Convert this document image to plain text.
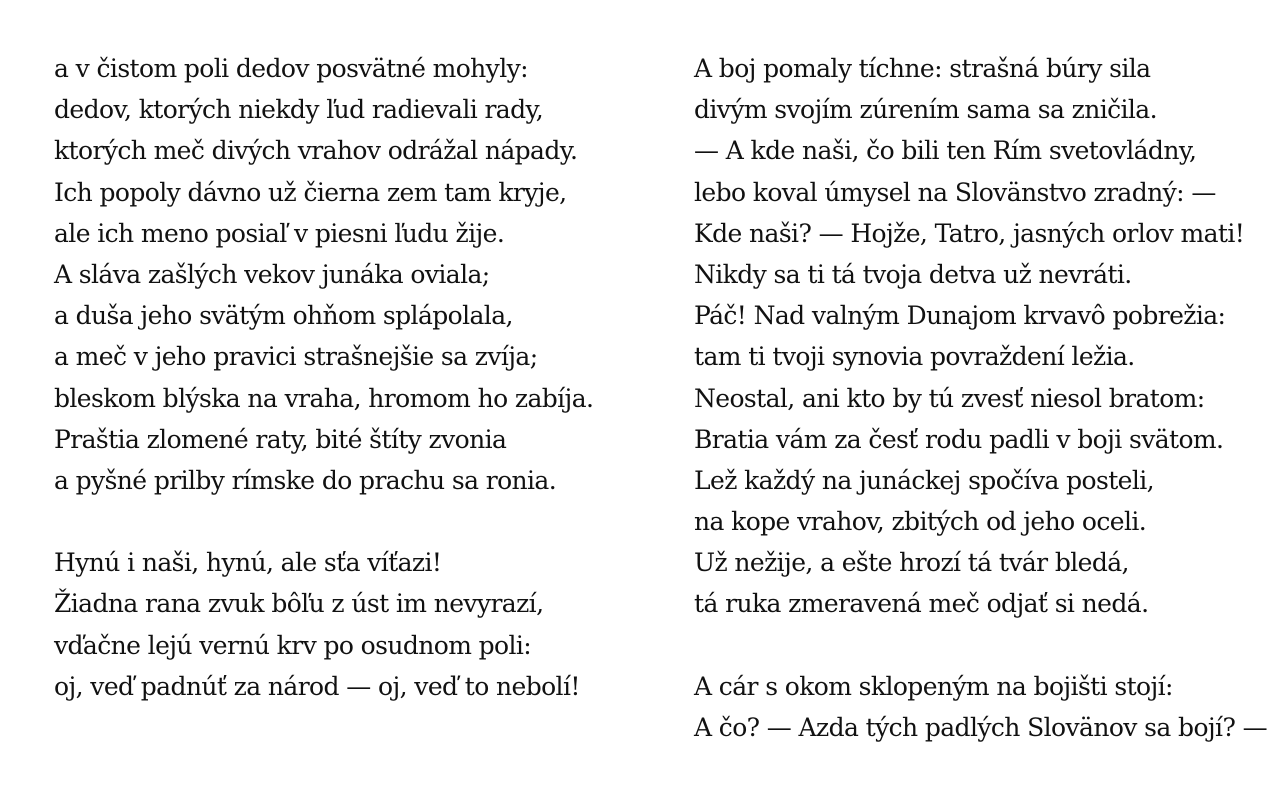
a v čistom poli dedov posvätné mohyly:
dedov, ktorých niekdy ľud radievali rady,
ktorých meč divých vrahov odrážal nápady.
Ich popoly dávno už čierna zem tam kryje,
ale ich meno posiaľ v piesni ľudu žije.
A sláva zašlých vekov junáka oviala;
a duša jeho svätým ohňom splápolala,
a meč v jeho pravici strašnejšie sa zvíja;
bleskom blýska na vraha, hromom ho zabíja.
Praštia zlomené raty, bité štíty zvonia
a pyšné prilby rímske do prachu sa ronia.

Hynú i naši, hynú, ale sťa víťazi!
Žiadna rana zvuk bôľu z úst im nevyrazí,
vďačne lejú vernú krv po osudnom poli:
oj, veď padnúť za národ — oj, veď to nebolí!

A boj pomaly tíchne: strašná búry sila
divým svojím zúrením sama sa zničila.
— A kde naši, čo bili ten Rím svetovládny,
lebo koval úmysel na Slovänstvo zradný: —
Kde naši? — Hojže, Tatro, jasných orlov mati!
Nikdy sa ti tá tvoja detva už nevráti.
Páč! Nad valným Dunajom krvavô pobrežia:
tam ti tvoji synovia povraždení ležia.
Neostal, ani kto by tú zvesť niesol bratom:
Bratia vám za česť rodu padli v boji svätom.
Lež každý na junáckej spočíva posteli,
na kope vrahov, zbitých od jeho oceli.
Už nežije, a ešte hrozí tá tvár bledá,
tá ruka zmeravená meč odjať si nedá.

A cár s okom sklopeným na bojišti stojí:
A čo? — Azda tých padlých Slovänov sa bojí? —
